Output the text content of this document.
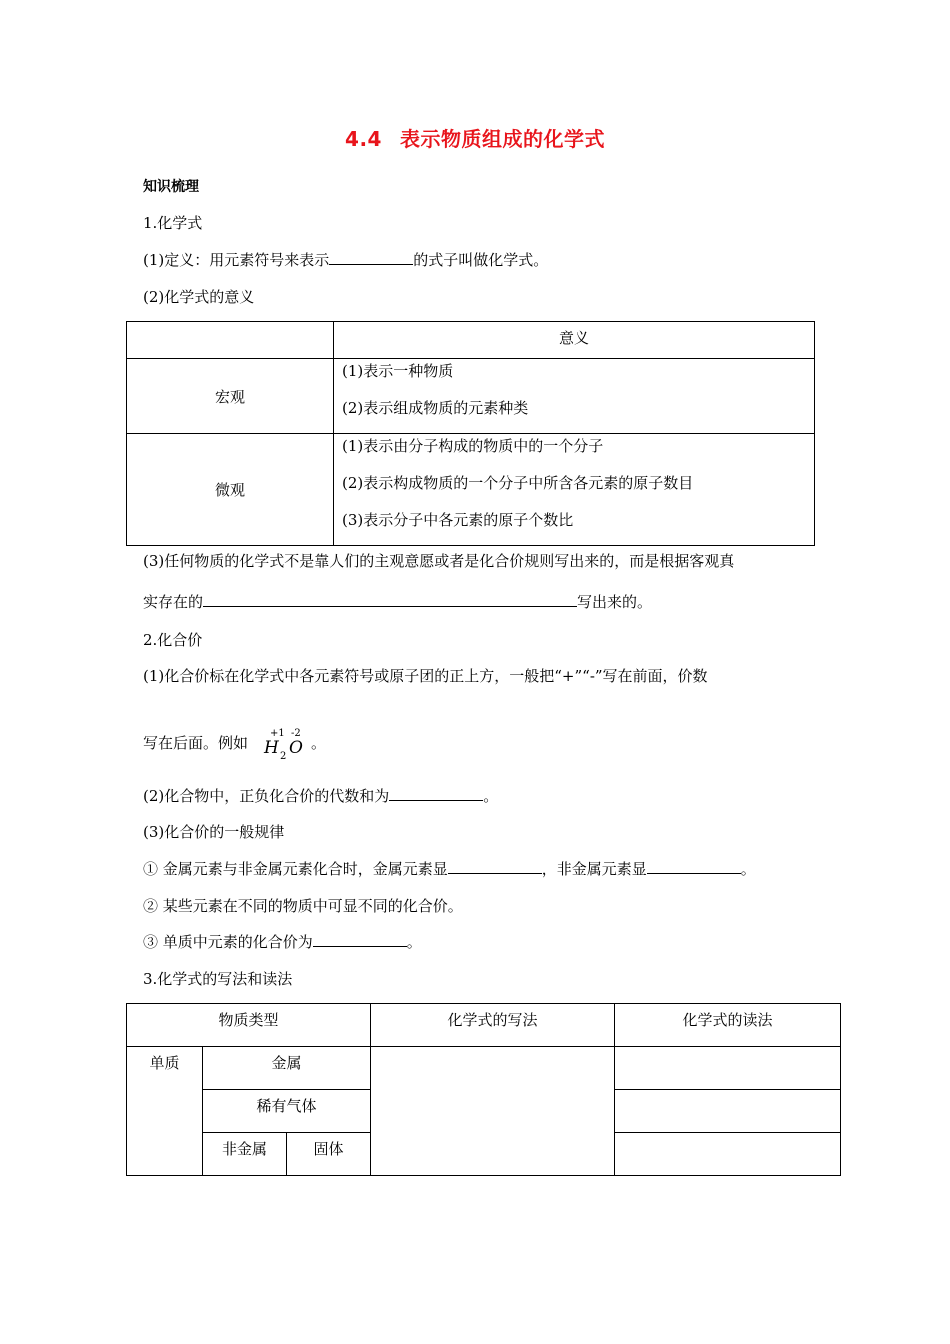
4.4 表示物质组成的化学式
知识梳理
1.化学式
(1)定义：用元素符号来表示	的式子叫做化学式。
(2)化学式的意义
	意义
宏观	(1)表示一种物质
(2)表示组成物质的元素种类

微观	(1)表示由分子构成的物质中的一个分子
(2)表示构成物质的一个分子中所含各元素的原子数目
(3)表示分子中各元素的原子个数比
(3)任何物质的化学式不是靠人们的主观意愿或者是化合价规则写出来的，而是根据客观真
实存在的	写出来的。
2.化合价
(1)化合价标在化学式中各元素符号或原子团的正上方，一般把“+”“-”写在前面，价数
写在后面。例如
+1 -2
H 2 O 。
(2)化合物中，正负化合价的代数和为	。
(3)化合价的一般规律
① 金属元素与非金属元素化合时，金属元素显	，非金属元素显	。
② 某些元素在不同的物质中可显不同的化合价。
③ 单质中元素的化合价为	。
3.化学式的写法和读法
物质类型			化学式的写法	化学式的读法
单质	金属			
	稀有气体			
	非金属	固体		
